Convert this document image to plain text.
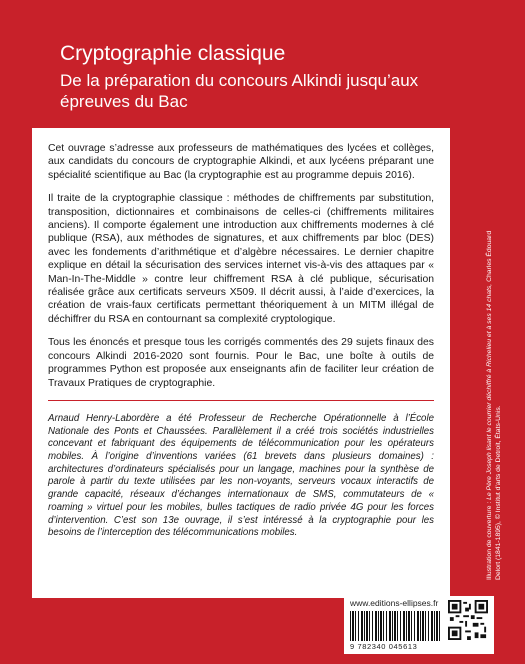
Cryptographie classique
De la préparation du concours Alkindi jusqu’aux épreuves du Bac

Cet ouvrage s’adresse aux professeurs de mathématiques des lycées et collèges, aux candidats du concours de cryptographie Alkindi, et aux lycéens préparant une spécialité scientifique au Bac (la cryptographie est au programme depuis 2016).

Il traite de la cryptographie classique : méthodes de chiffrements par substitution, transposition, dictionnaires et combinaisons de celles-ci (chiffrements militaires anciens). Il comporte également une introduction aux chiffrements modernes à clé publique (RSA), aux méthodes de signatures, et aux chiffrements par bloc (DES) avec les fondements d’arithmétique et d’algèbre nécessaires. Le dernier chapitre explique en détail la sécurisation des services internet vis-à-vis des attaques par « Man-In-The-Middle » contre leur chiffrement RSA à clé publique, sécurisation réalisée grâce aux certificats serveurs X509. Il décrit aussi, à l’aide d’exercices, la création de vrais-faux certificats permettant théoriquement à un MITM illégal de déchiffrer du RSA en contournant sa complexité cryptologique.

Tous les énoncés et presque tous les corrigés commentés des 29 sujets finaux des concours Alkindi 2016-2020 sont fournis. Pour le Bac, une boîte à outils de programmes Python est proposée aux enseignants afin de faciliter leur création de Travaux Pratiques de cryptographie.

Arnaud Henry-Labordère a été Professeur de Recherche Opérationnelle à l’École Nationale des Ponts et Chaussées. Parallèlement il a créé trois sociétés industrielles concevant et fabriquant des équipements de télécommunication pour les opérateurs mobiles. À l’origine d’inventions variées (61 brevets dans plusieurs domaines) : architectures d’ordinateurs spécialisés pour un langage, machines pour la synthèse de parole à partir du texte utilisées par les non-voyants, serveurs vocaux interactifs de grande capacité, réseaux d’échanges internationaux de SMS, commutateurs de « roaming » virtuel pour les mobiles, bulles tactiques de radio privée 4G pour les forces d’intervention. C’est son 13e ouvrage, il s’est intéressé à la cryptographie pour les besoins de l’interception des télécommunications mobiles.	Illustration de couverture : Le Père Joseph lisant le courrier déchiffré à Richelieu et à ses 14 chats, Charles Édouard Delort (1841-1895), © Institut d’arts de Detroit, États-Unis.
www.editions-ellipses.fr
9 782340 045613
